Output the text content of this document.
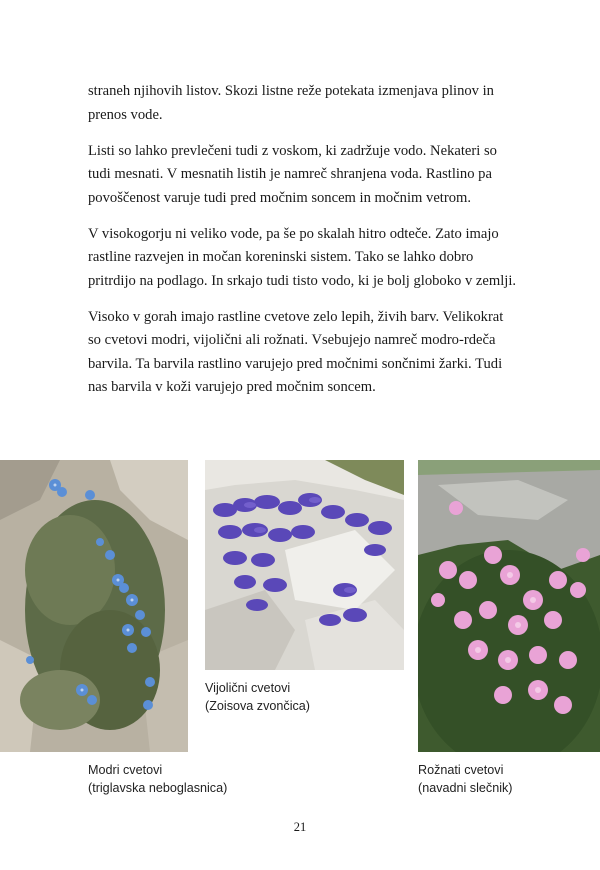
straneh njihovih listov. Skozi listne reže potekata izmenjava plinov in prenos vode.

Listi so lahko prevlečeni tudi z voskom, ki zadržuje vodo. Nekateri so tudi mesnati. V mesnatih listih je namreč shranjena voda. Rastlino pa povoščenost varuje tudi pred močnim soncem in močnim vetrom.

V visokogorju ni veliko vode, pa še po skalah hitro odteče. Zato imajo rastline razvejen in močan koreninski sistem. Tako se lahko dobro pritrdijo na podlago. In srkajo tudi tisto vodo, ki je bolj globoko v zemlji.

Visoko v gorah imajo rastline cvetove zelo lepih, živih barv. Velikokrat so cvetovi modri, vijolični ali rožnati. Vsebujejo namreč modro-rdeča barvila. Ta barvila rastlino varujejo pred močnimi sončnimi žarki. Tudi nas barvila v koži varujejo pred močnim soncem.

Modri cvetovi
(triglavska neboglasnica)
Vijolični cvetovi
(Zoisova zvončica)
Rožnati cvetovi
(navadni slečnik)
21
